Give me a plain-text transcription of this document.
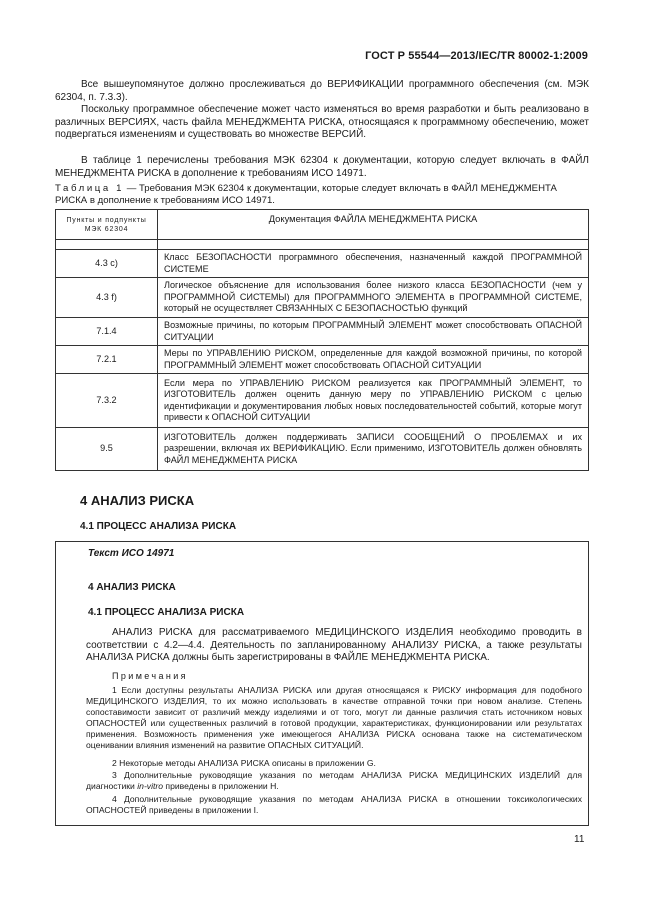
ГОСТ Р 55544—2013/IEC/TR 80002-1:2009

Все вышеупомянутое должно прослеживаться до ВЕРИФИКАЦИИ программного обеспечения (см. МЭК 62304, п. 7.3.3).

Поскольку программное обеспечение может часто изменяться во время разработки и быть реализовано в различных ВЕРСИЯХ, часть файла МЕНЕДЖМЕНТА РИСКА, относящаяся к программному обеспечению, может подвергаться изменениям и существовать во множестве ВЕРСИЙ.

В таблице 1 перечислены требования МЭК 62304 к документации, которую следует включать в ФАЙЛ МЕНЕДЖМЕНТА РИСКА в дополнение к требованиям ИСО 14971.

Таблица 1 — Требования МЭК 62304 к документации, которые следует включать в ФАЙЛ МЕНЕДЖМЕНТА РИСКА в дополнение к требованиям ИСО 14971.

Пункты и подпункты МЭК 62304	Документация ФАЙЛА МЕНЕДЖМЕНТА РИСКА

4.3 c)	Класс БЕЗОПАСНОСТИ программного обеспечения, назначенный каждой ПРОГРАММНОЙ СИСТЕМЕ
4.3 f)	Логическое объяснение для использования более низкого класса БЕЗОПАСНОСТИ (чем у ПРОГРАММНОЙ СИСТЕМЫ) для ПРОГРАММНОГО ЭЛЕМЕНТА в ПРОГРАММНОЙ СИСТЕМЕ, который не осуществляет СВЯЗАННЫХ С БЕЗОПАСНОСТЬЮ функций
7.1.4	Возможные причины, по которым ПРОГРАММНЫЙ ЭЛЕМЕНТ может способствовать ОПАСНОЙ СИТУАЦИИ
7.2.1	Меры по УПРАВЛЕНИЮ РИСКОМ, определенные для каждой возможной причины, по которой ПРОГРАММНЫЙ ЭЛЕМЕНТ может способствовать ОПАСНОЙ СИТУАЦИИ
7.3.2	Если мера по УПРАВЛЕНИЮ РИСКОМ реализуется как ПРОГРАММНЫЙ ЭЛЕМЕНТ, то ИЗГОТОВИТЕЛЬ должен оценить данную меру по УПРАВЛЕНИЮ РИСКОМ с целью идентификации и документирования любых новых последовательностей событий, которые могут привести к ОПАСНОЙ СИТУАЦИИ
9.5	ИЗГОТОВИТЕЛЬ должен поддерживать ЗАПИСИ СООБЩЕНИЙ О ПРОБЛЕМАХ и их разрешении, включая их ВЕРИФИКАЦИЮ. Если применимо, ИЗГОТОВИТЕЛЬ должен обновлять ФАЙЛ МЕНЕДЖМЕНТА РИСКА
4 АНАЛИЗ РИСКА
4.1 ПРОЦЕСС АНАЛИЗА РИСКА
Текст ИСО 14971
4 АНАЛИЗ РИСКА
4.1 ПРОЦЕСС АНАЛИЗА РИСКА

АНАЛИЗ РИСКА для рассматриваемого МЕДИЦИНСКОГО ИЗДЕЛИЯ необходимо проводить в соответствии с 4.2—4.4. Деятельность по запланированному АНАЛИЗУ РИСКА, а также результаты АНАЛИЗА РИСКА должны быть зарегистрированы в ФАЙЛЕ МЕНЕДЖМЕНТА РИСКА.

Примечания

1 Если доступны результаты АНАЛИЗА РИСКА или другая относящаяся к РИСКУ информация для подобного МЕДИЦИНСКОГО ИЗДЕЛИЯ, то их можно использовать в качестве отправной точки при новом анализе. Степень сопоставимости зависит от различий между изделиями и от того, могут ли данные различия стать источником новых ОПАСНОСТЕЙ или существенных различий в готовой продукции, характеристиках, функционировании или результатах применения. Возможность применения уже имеющегося АНАЛИЗА РИСКА основана также на систематическом оценивании влияния изменений на развитие ОПАСНЫХ СИТУАЦИЙ.

2 Некоторые методы АНАЛИЗА РИСКА описаны в приложении G.

3 Дополнительные руководящие указания по методам АНАЛИЗА РИСКА МЕДИЦИНСКИХ ИЗДЕЛИЙ для диагностики in-vitro приведены в приложении H.

4 Дополнительные руководящие указания по методам АНАЛИЗА РИСКА в отношении токсикологических ОПАСНОСТЕЙ приведены в приложении I.

11
